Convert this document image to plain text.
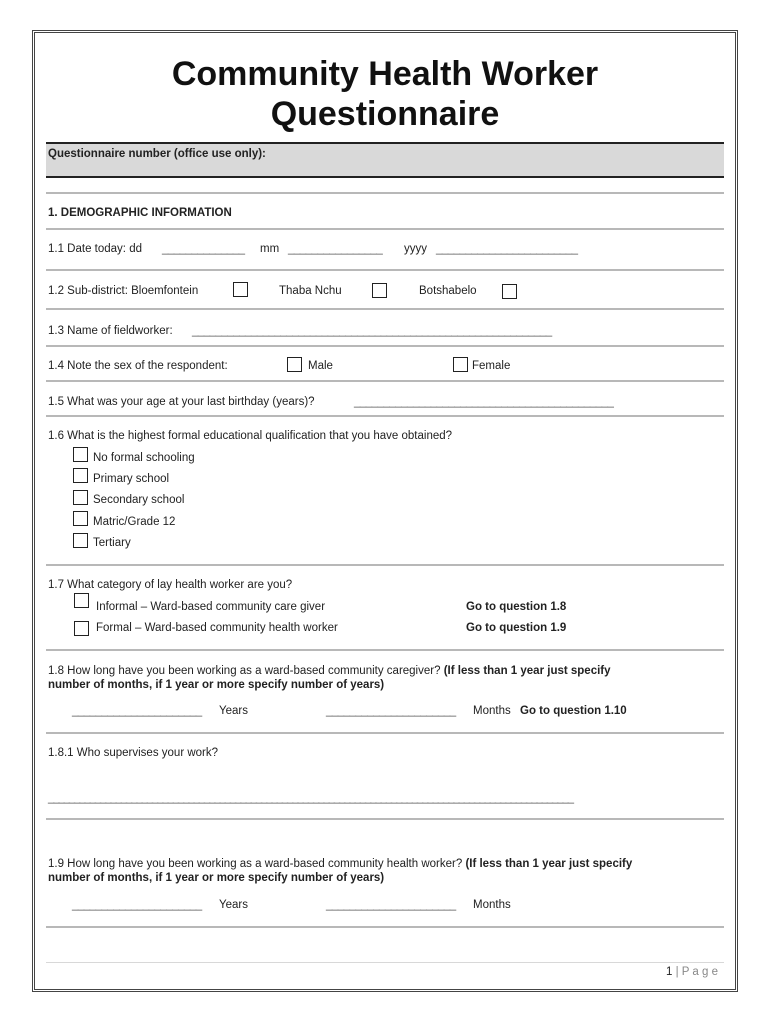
Community Health Worker
Questionnaire
Questionnaire number (office use only):
1. DEMOGRAPHIC INFORMATION
1.1 Date today: dd ______________ mm ________________ yyyy ________________________
1.2 Sub-district: Bloemfontein	Thaba Nchu	Botshabelo
1.3 Name of fieldworker: _____________________________________________________________
1.4 Note the sex of the respondent:	Male	Female
1.5 What was your age at your last birthday (years)?	____________________________________________
1.6 What is the highest formal educational qualification that you have obtained?
No formal schooling
Primary school
Secondary school
Matric/Grade 12
Tertiary
1.7 What category of lay health worker are you?
Informal – Ward-based community care giver	Go to question 1.8
Formal – Ward-based community health worker	Go to question 1.9
1.8 How long have you been working as a ward-based community caregiver? (If less than 1 year just specify
number of months, if 1 year or more specify number of years)
______________________ Years	______________________ Months Go to question 1.10
1.8.1 Who supervises your work?
_____________________________________________________________________________________________________
1.9 How long have you been working as a ward-based community health worker? (If less than 1 year just specify
number of months, if 1 year or more specify number of years)
______________________ Years	______________________ Months
1 | P a g e
